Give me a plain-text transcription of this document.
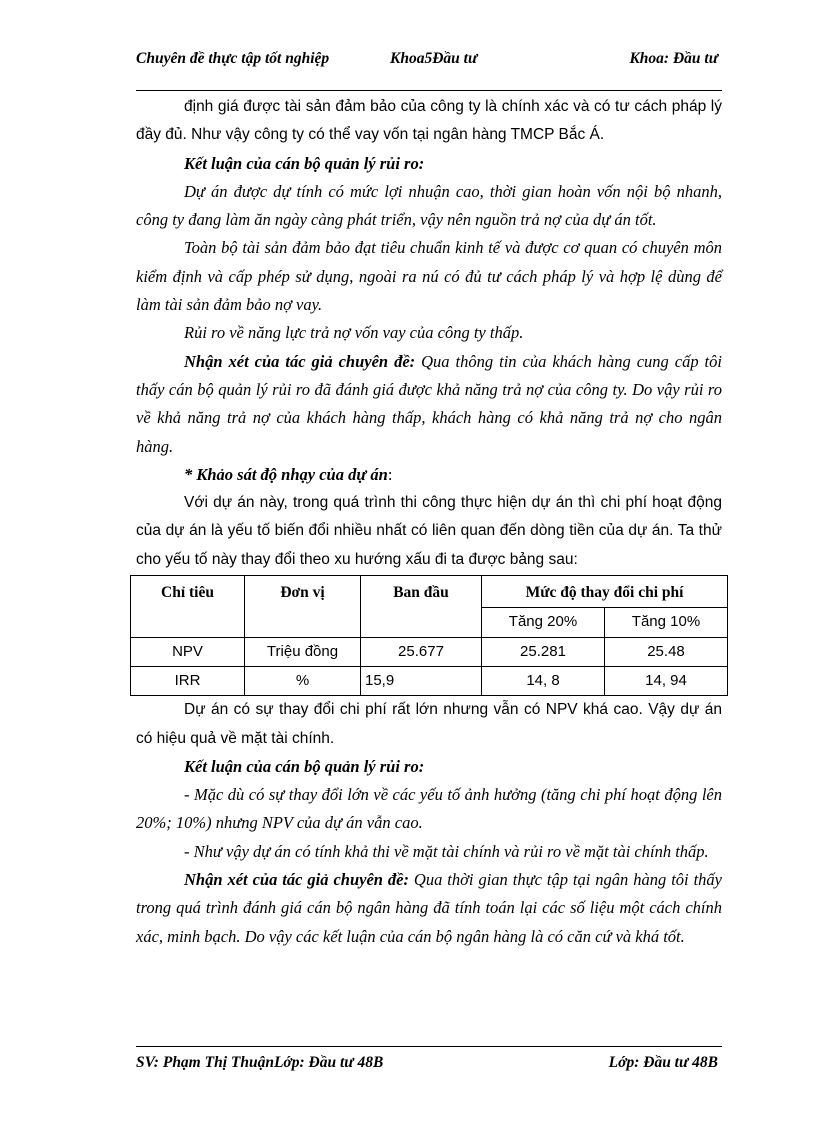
Chuyên đề thực tập tốt nghiệp	Khoa5Đầu tư	Khoa: Đầu tư

định giá được tài sản đảm bảo của công ty là chính xác và có tư cách pháp lý đầy đủ. Như vậy công ty có thể vay vốn tại ngân hàng TMCP Bắc Á.

Kết luận của cán bộ quản lý rủi ro:

Dự án được dự tính có mức lợi nhuận cao, thời gian hoàn vốn nội bộ nhanh, công ty đang làm ăn ngày càng phát triển, vậy nên nguồn trả nợ của dự án tốt.

Toàn bộ tài sản đảm bảo đạt tiêu chuẩn kinh tế và được cơ quan có chuyên môn kiểm định và cấp phép sử dụng, ngoài ra nú có đủ tư cách pháp lý và hợp lệ dùng để làm tài sản đảm bảo nợ vay.

Rủi ro về năng lực trả nợ vốn vay của công ty thấp.

Nhận xét của tác giả chuyên đề: Qua thông tin của khách hàng cung cấp tôi thấy cán bộ quản lý rủi ro đã đánh giá được khả năng trả nợ của công ty. Do vậy rủi ro về khả năng trả nợ của khách hàng thấp, khách hàng có khả năng trả nợ cho ngân hàng.

* Khảo sát độ nhạy của dự án:

Với dự án này, trong quá trình thi công thực hiện dự án thì chi phí hoạt động của dự án là yếu tố biến đổi nhiều nhất có liên quan đến dòng tiền của dự án. Ta thử cho yếu tố này thay đổi theo xu hướng xấu đi ta được bảng sau:

Chỉ tiêu	Đơn vị	Ban đầu	Mức độ thay đổi chi phí	
			Tăng 20%	Tăng 10%
NPV	Triệu đồng	25.677	25.281	25.48
IRR	%	15,9	14, 8	14, 94

Dự án có sự thay đổi chi phí rất lớn nhưng vẫn có NPV khá cao. Vậy dự án có hiệu quả về mặt tài chính.

Kết luận của cán bộ quản lý rủi ro:

- Mặc dù có sự thay đổi lớn về các yếu tố ảnh hưởng (tăng chi phí hoạt động lên 20%; 10%) nhưng NPV của dự án vẫn cao.

- Như vậy dự án có tính khả thi về mặt tài chính và rủi ro về mặt tài chính thấp.

Nhận xét của tác giả chuyên đề: Qua thời gian thực tập tại ngân hàng tôi thấy trong quá trình đánh giá cán bộ ngân hàng đã tính toán lại các số liệu một cách chính xác, minh bạch. Do vậy các kết luận của cán bộ ngân hàng là có căn cứ và khá tốt.

SV: Phạm Thị ThuậnLớp: Đầu tư 48B	Lớp: Đầu tư 48B
